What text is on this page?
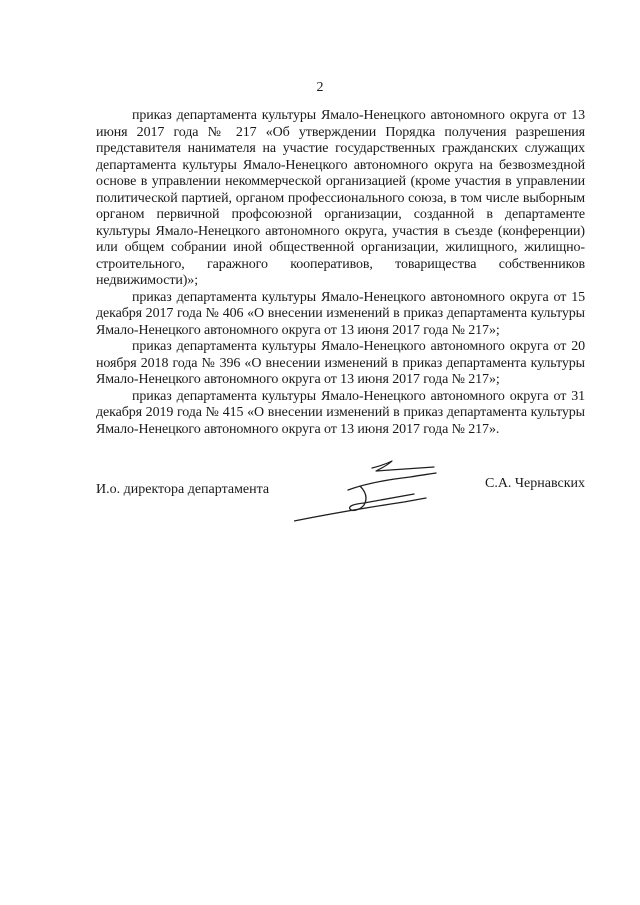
2

приказ департамента культуры Ямало-Ненецкого автономного округа от 13 июня 2017 года № 217 «Об утверждении Порядка получения разрешения представителя нанимателя на участие государственных гражданских служащих департамента культуры Ямало-Ненецкого автономного округа на безвозмездной основе в управлении некоммерческой организацией (кроме участия в управлении политической партией, органом профессионального союза, в том числе выборным органом первичной профсоюзной организации, созданной в департаменте культуры Ямало-Ненецкого автономного округа, участия в съезде (конференции) или общем собрании иной общественной организации, жилищного, жилищно-строительного, гаражного кооперативов, товарищества собственников недвижимости)»;

приказ департамента культуры Ямало-Ненецкого автономного округа от 15 декабря 2017 года № 406 «О внесении изменений в приказ департамента культуры Ямало-Ненецкого автономного округа от 13 июня 2017 года № 217»;

приказ департамента культуры Ямало-Ненецкого автономного округа от 20 ноября 2018 года № 396 «О внесении изменений в приказ департамента культуры Ямало-Ненецкого автономного округа от 13 июня 2017 года № 217»;

приказ департамента культуры Ямало-Ненецкого автономного округа от 31 декабря 2019 года № 415 «О внесении изменений в приказ департамента культуры Ямало-Ненецкого автономного округа от 13 июня 2017 года № 217».

И.о. директора департамента	С.А. Чернавских
